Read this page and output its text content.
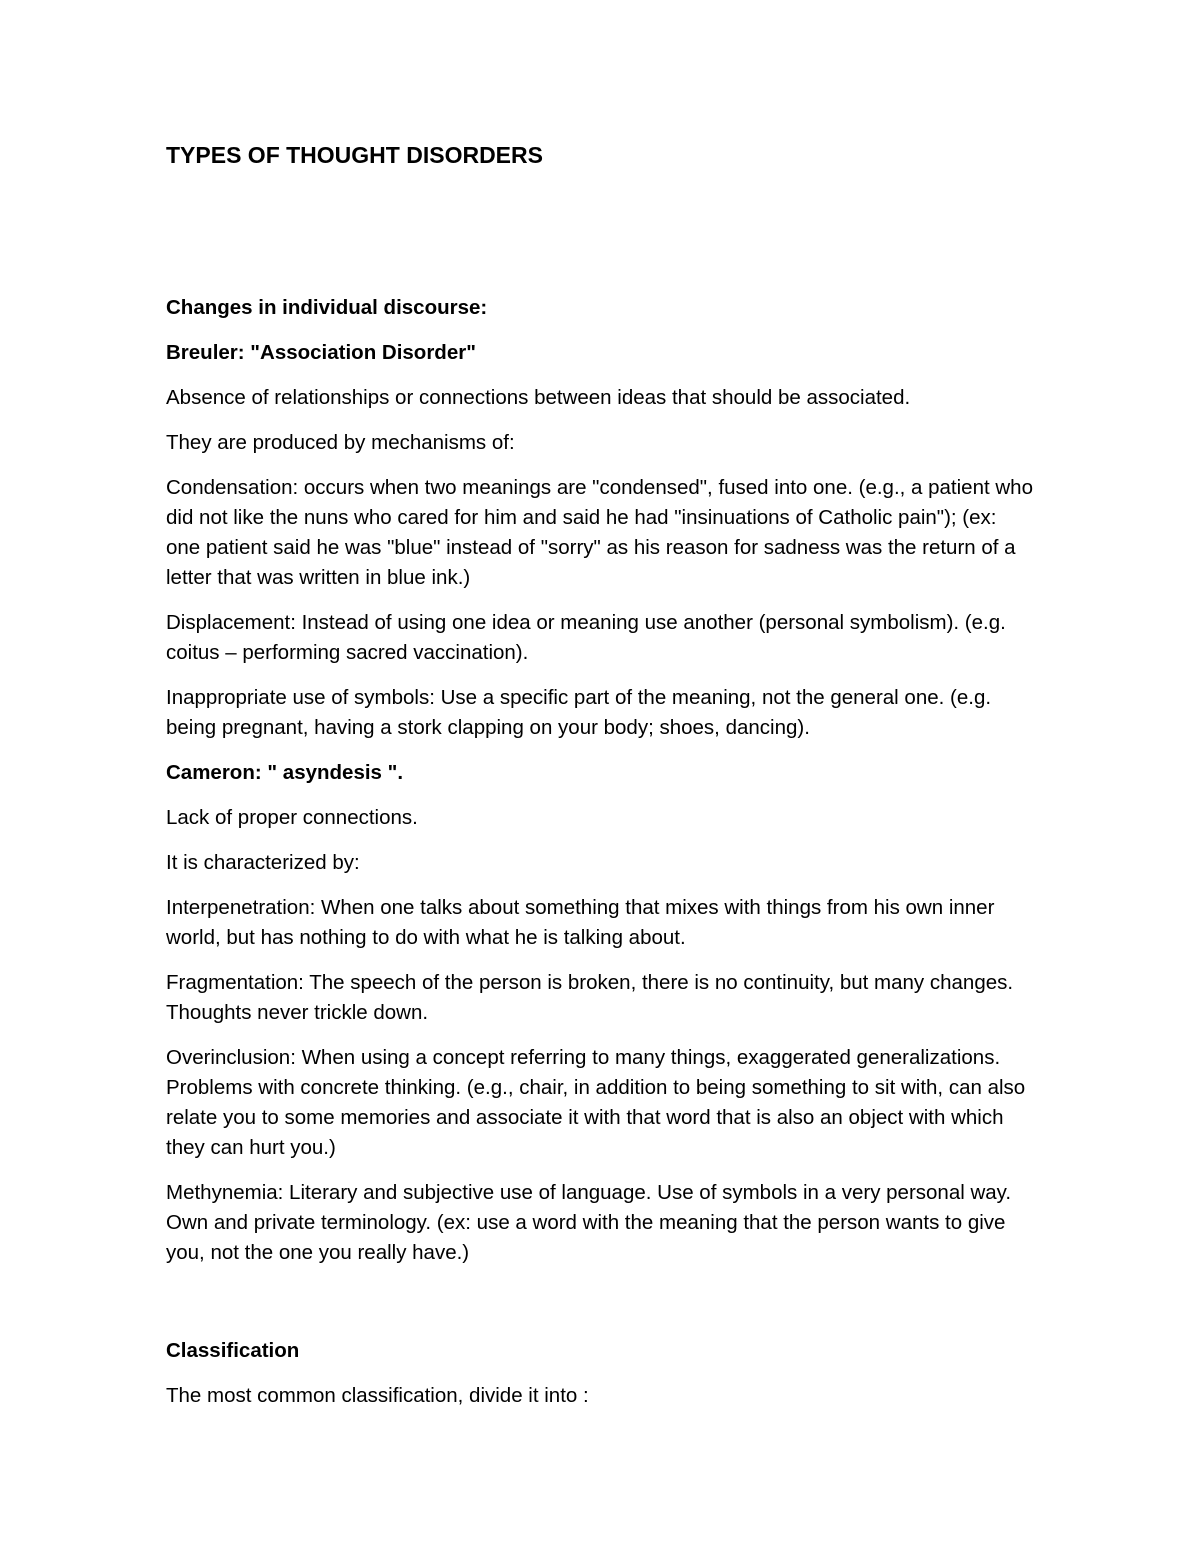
TYPES OF THOUGHT DISORDERS

Changes in individual discourse:

Breuler: "Association Disorder"

Absence of relationships or connections between ideas that should be associated.

They are produced by mechanisms of:

Condensation: occurs when two meanings are "condensed", fused into one. (e.g., a patient who did not like the nuns who cared for him and said he had "insinuations of Catholic pain"); (ex: one patient said he was "blue" instead of "sorry" as his reason for sadness was the return of a letter that was written in blue ink.)

Displacement: Instead of using one idea or meaning use another (personal symbolism). (e.g. coitus – performing sacred vaccination).

Inappropriate use of symbols: Use a specific part of the meaning, not the general one. (e.g. being pregnant, having a stork clapping on your body; shoes, dancing).

Cameron: " asyndesis ".

Lack of proper connections.

It is characterized by:

Interpenetration: When one talks about something that mixes with things from his own inner world, but has nothing to do with what he is talking about.

Fragmentation: The speech of the person is broken, there is no continuity, but many changes. Thoughts never trickle down.

Overinclusion: When using a concept referring to many things, exaggerated generalizations. Problems with concrete thinking. (e.g., chair, in addition to being something to sit with, can also relate you to some memories and associate it with that word that is also an object with which they can hurt you.)

Methynemia: Literary and subjective use of language. Use of symbols in a very personal way. Own and private terminology. (ex: use a word with the meaning that the person wants to give you, not the one you really have.)

Classification

The most common classification, divide it into :
